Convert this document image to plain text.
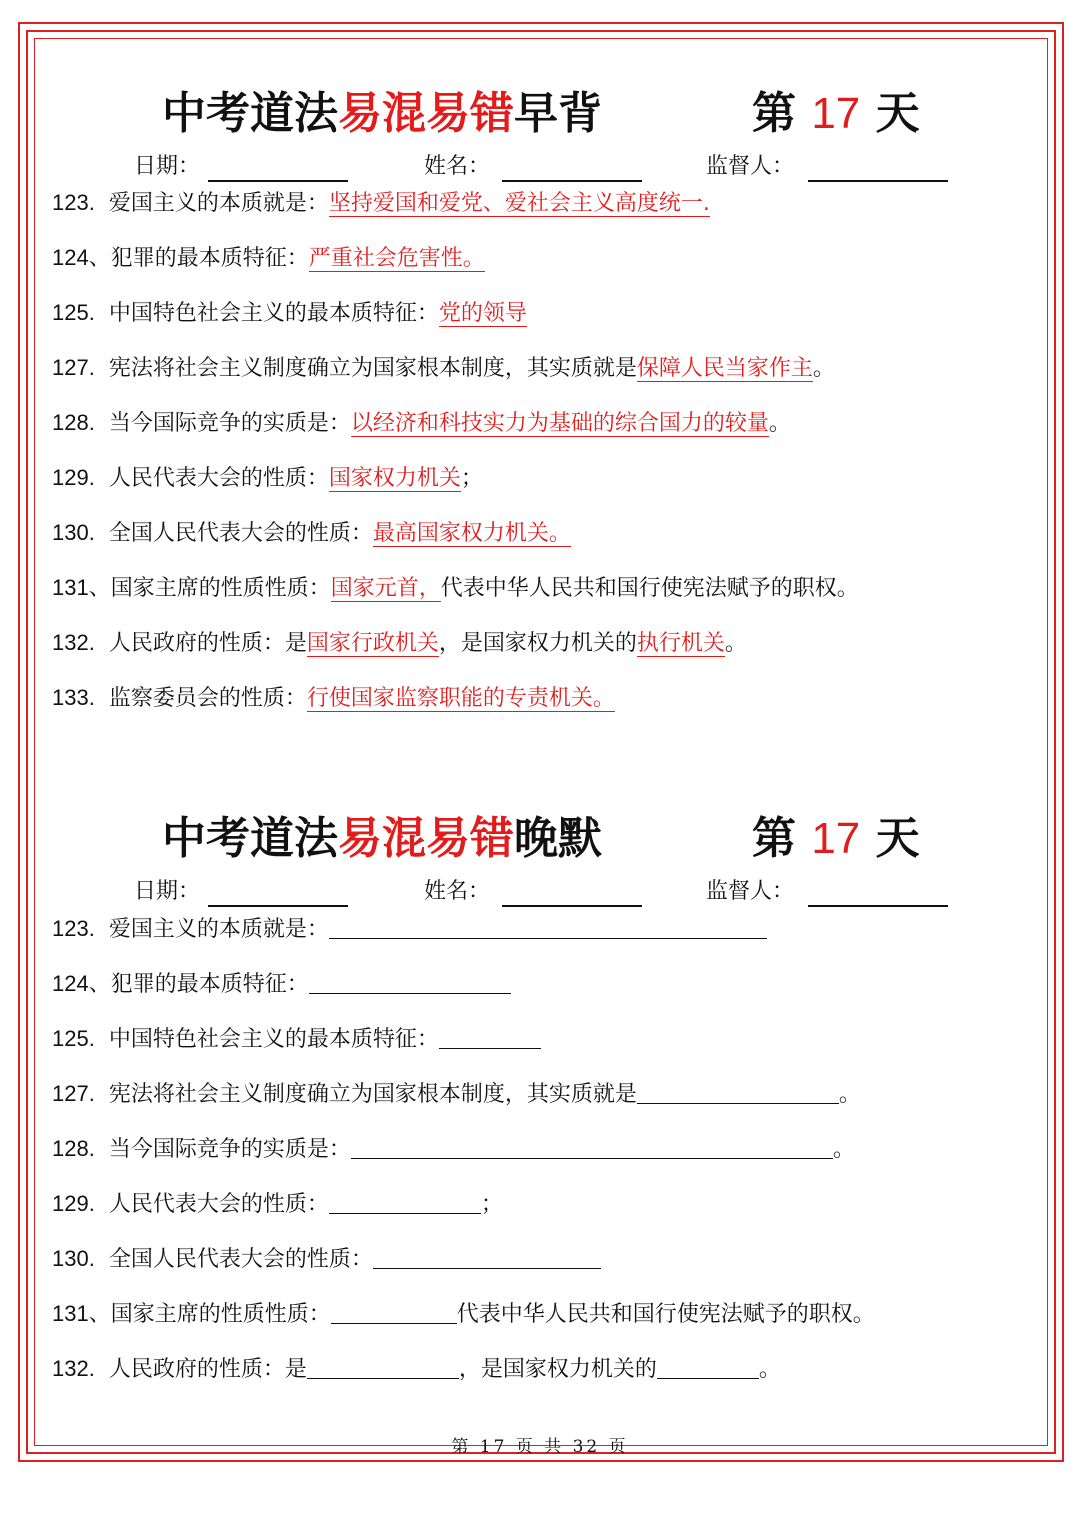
中考道法易混易错早背	第 17 天
日期：	姓名：	监督人：
123.  爱国主义的本质就是：坚持爱国和爱党、爱社会主义高度统一.
124、犯罪的最本质特征：严重社会危害性。
125.  中国特色社会主义的最本质特征：党的领导
127.  宪法将社会主义制度确立为国家根本制度，其实质就是保障人民当家作主。
128.  当今国际竞争的实质是：以经济和科技实力为基础的综合国力的较量。
129.  人民代表大会的性质：国家权力机关；
130.  全国人民代表大会的性质：最高国家权力机关。
131、国家主席的性质性质：国家元首，代表中华人民共和国行使宪法赋予的职权。
132.  人民政府的性质：是国家行政机关，是国家权力机关的执行机关。
133.  监察委员会的性质：行使国家监察职能的专责机关。
中考道法易混易错晚默	第 17 天
日期：	姓名：	监督人：
123.  爱国主义的本质就是：
124、犯罪的最本质特征：
125.  中国特色社会主义的最本质特征：
127.  宪法将社会主义制度确立为国家根本制度，其实质就是	。
128.  当今国际竞争的实质是：	。
129.  人民代表大会的性质：	；
130.  全国人民代表大会的性质：
131、国家主席的性质性质：	代表中华人民共和国行使宪法赋予的职权。
132.  人民政府的性质：是	，是国家权力机关的	。
第 17 页 共 32 页
